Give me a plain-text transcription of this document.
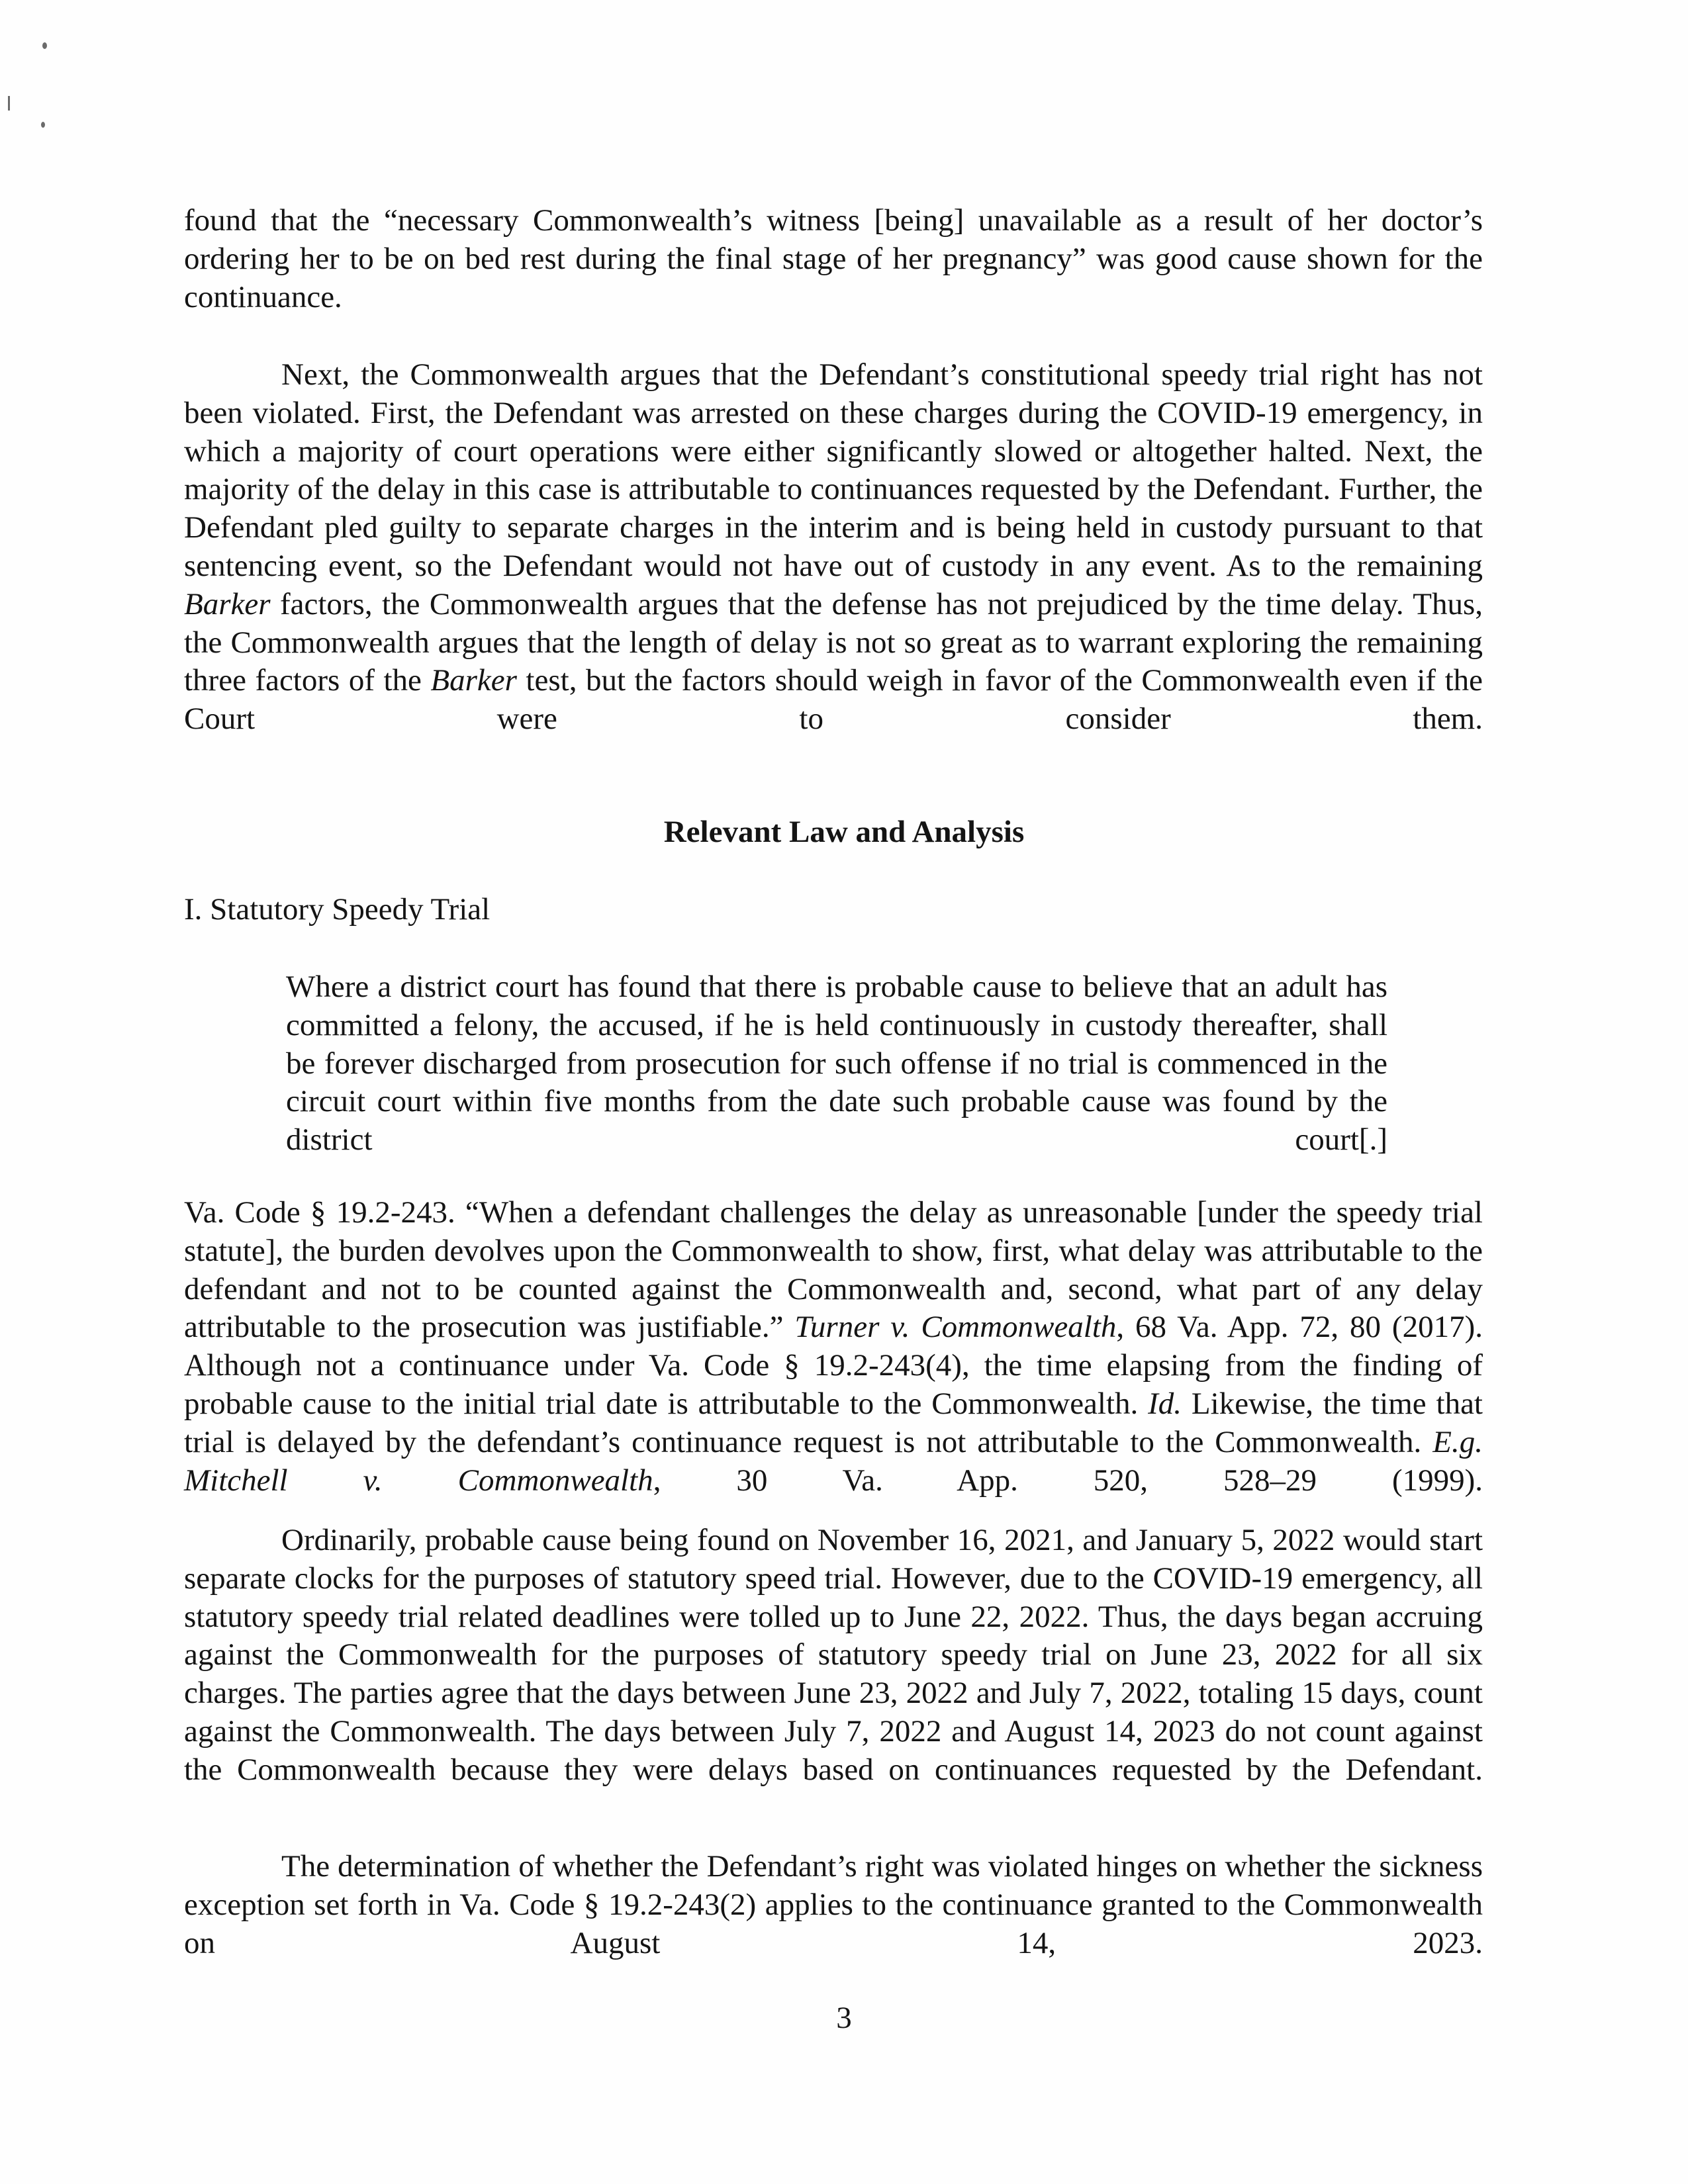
found that the “necessary Commonwealth’s witness [being] unavailable as a result of her doctor’s ordering her to be on bed rest during the final stage of her pregnancy” was good cause shown for the continuance.

Next, the Commonwealth argues that the Defendant’s constitutional speedy trial right has not been violated. First, the Defendant was arrested on these charges during the COVID-19 emergency, in which a majority of court operations were either significantly slowed or altogether halted. Next, the majority of the delay in this case is attributable to continuances requested by the Defendant. Further, the Defendant pled guilty to separate charges in the interim and is being held in custody pursuant to that sentencing event, so the Defendant would not have out of custody in any event. As to the remaining Barker factors, the Commonwealth argues that the defense has not prejudiced by the time delay. Thus, the Commonwealth argues that the length of delay is not so great as to warrant exploring the remaining three factors of the Barker test, but the factors should weigh in favor of the Commonwealth even if the Court were to consider them.

Relevant Law and Analysis

I. Statutory Speedy Trial

Where a district court has found that there is probable cause to believe that an adult has committed a felony, the accused, if he is held continuously in custody thereafter, shall be forever discharged from prosecution for such offense if no trial is commenced in the circuit court within five months from the date such probable cause was found by the district court[.]

Va. Code § 19.2-243. “When a defendant challenges the delay as unreasonable [under the speedy trial statute], the burden devolves upon the Commonwealth to show, first, what delay was attributable to the defendant and not to be counted against the Commonwealth and, second, what part of any delay attributable to the prosecution was justifiable.” Turner v. Commonwealth, 68 Va. App. 72, 80 (2017). Although not a continuance under Va. Code § 19.2-243(4), the time elapsing from the finding of probable cause to the initial trial date is attributable to the Commonwealth. Id. Likewise, the time that trial is delayed by the defendant’s continuance request is not attributable to the Commonwealth. E.g. Mitchell v. Commonwealth, 30 Va. App. 520, 528–29 (1999).

Ordinarily, probable cause being found on November 16, 2021, and January 5, 2022 would start separate clocks for the purposes of statutory speed trial. However, due to the COVID-19 emergency, all statutory speedy trial related deadlines were tolled up to June 22, 2022. Thus, the days began accruing against the Commonwealth for the purposes of statutory speedy trial on June 23, 2022 for all six charges. The parties agree that the days between June 23, 2022 and July 7, 2022, totaling 15 days, count against the Commonwealth. The days between July 7, 2022 and August 14, 2023 do not count against the Commonwealth because they were delays based on continuances requested by the Defendant.

The determination of whether the Defendant’s right was violated hinges on whether the sickness exception set forth in Va. Code § 19.2-243(2) applies to the continuance granted to the Commonwealth on August 14, 2023.

3
